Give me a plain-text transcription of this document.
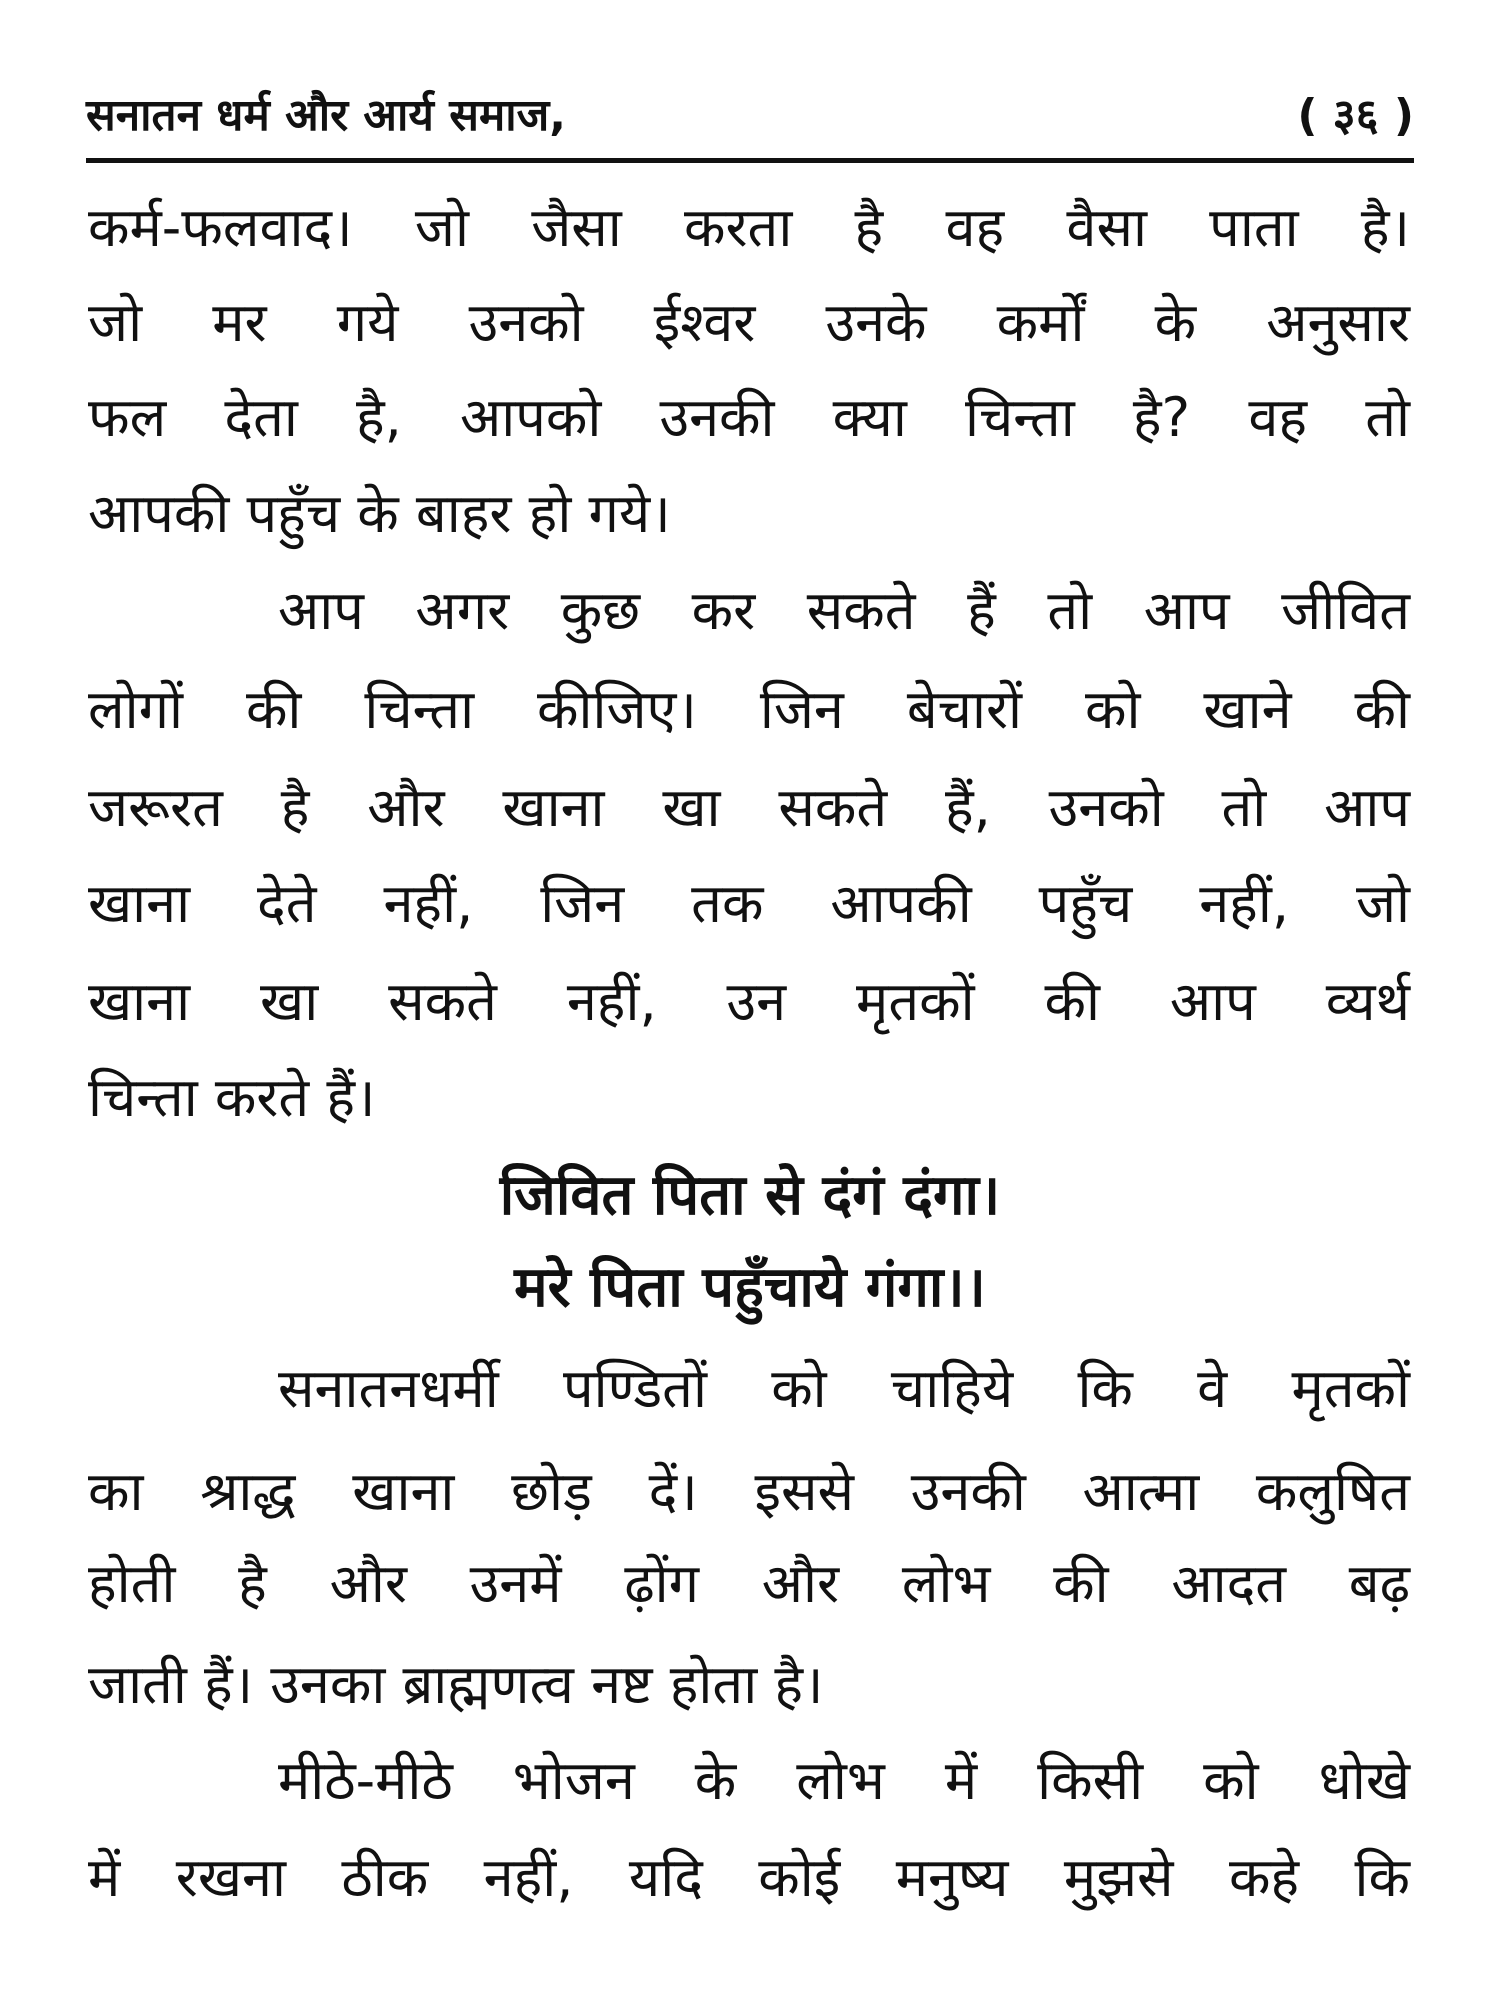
सनातन धर्म और आर्य समाज,	( ३६ )
कर्म-फलवाद। जो जैसा करता है वह वैसा पाता है।
जो मर गये उनको ईश्वर उनके कर्मों के अनुसार
फल देता है, आपको उनकी क्या चिन्ता है? वह तो
आपकी पहुँच के बाहर हो गये।
आप अगर कुछ कर सकते हैं तो आप जीवित
लोगों की चिन्ता कीजिए। जिन बेचारों को खाने की
जरूरत है और खाना खा सकते हैं, उनको तो आप
खाना देते नहीं, जिन तक आपकी पहुँच नहीं, जो
खाना खा सकते नहीं, उन मृतकों की आप व्यर्थ
चिन्ता करते हैं।
जिवित पिता से दंगं दंगा।
मरे पिता पहुँचाये गंगा।।
सनातनधर्मी पण्डितों को चाहिये कि वे मृतकों
का श्राद्ध खाना छोड़ दें। इससे उनकी आत्मा कलुषित
होती है और उनमें ढ़ोंग और लोभ की आदत बढ़
जाती हैं। उनका ब्राह्मणत्व नष्ट होता है।
मीठे-मीठे भोजन के लोभ में किसी को धोखे
में रखना ठीक नहीं, यदि कोई मनुष्य मुझसे कहे कि
